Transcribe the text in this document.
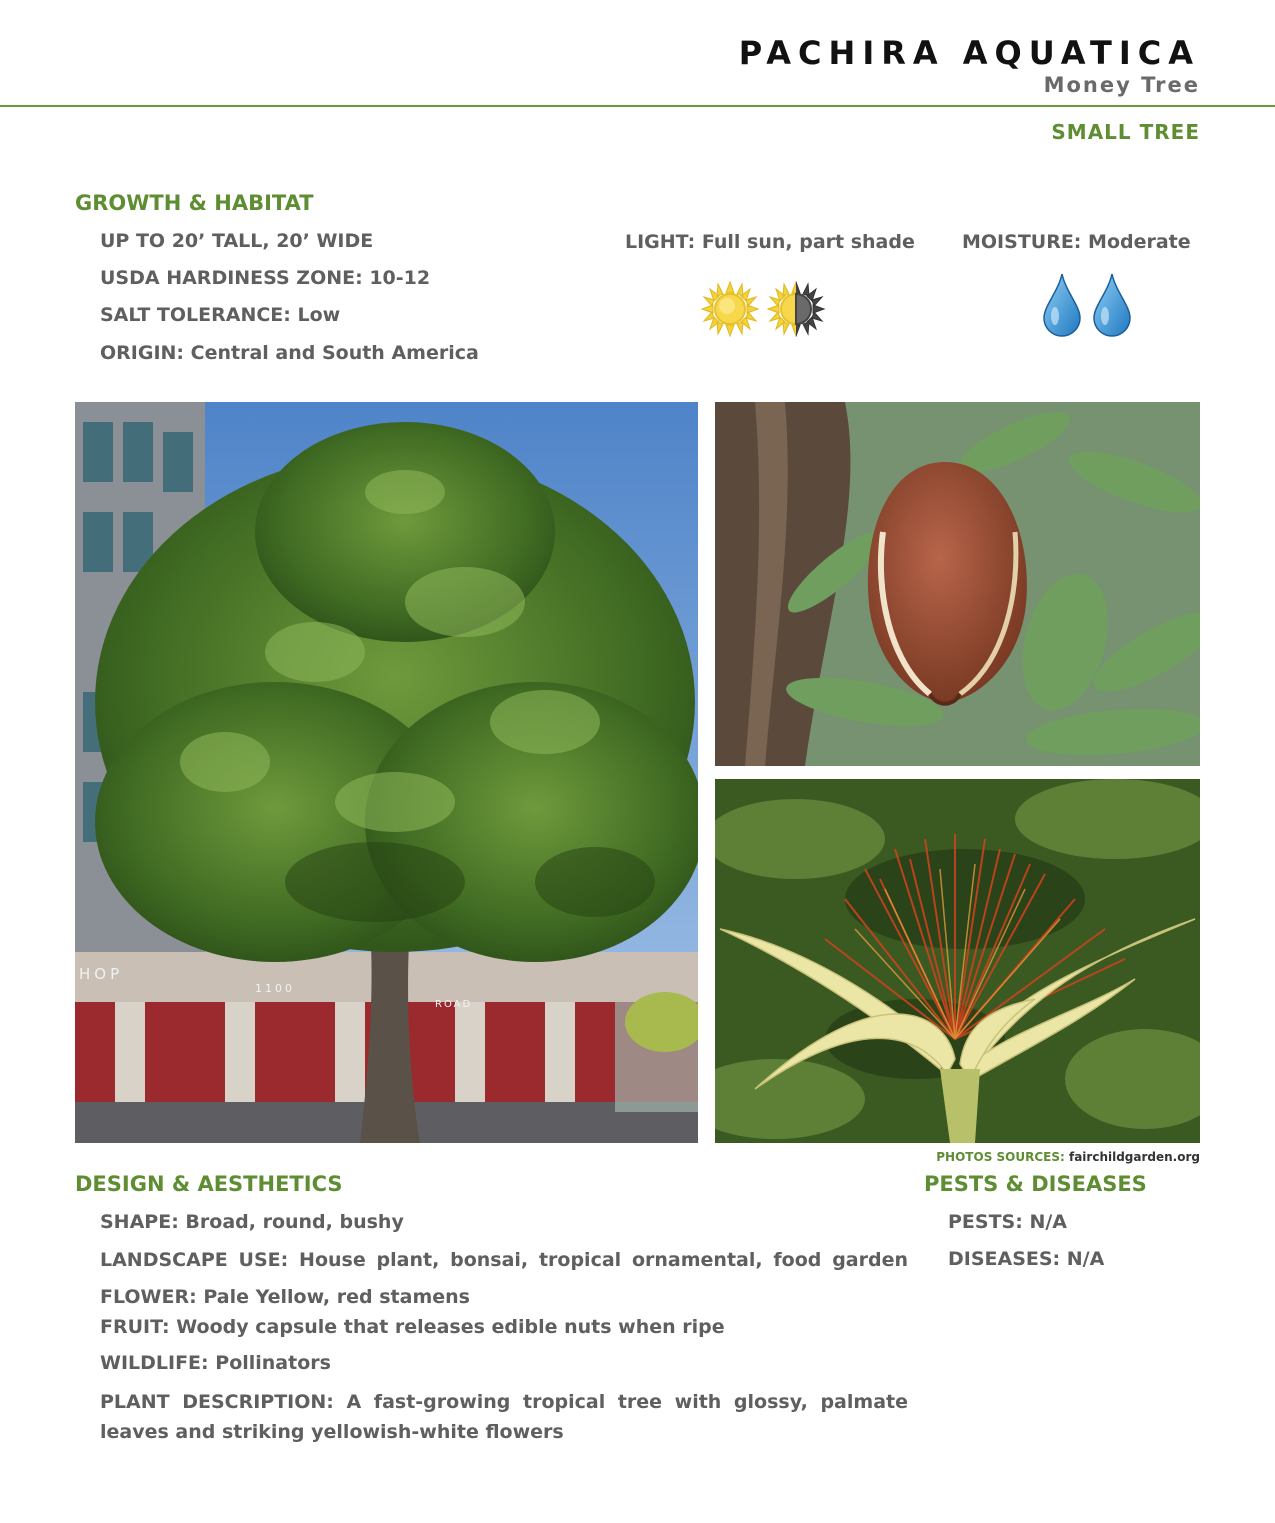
PACHIRA AQUATICA
Money Tree
SMALL TREE
GROWTH & HABITAT
UP TO 20’ TALL, 20’ WIDE
USDA HARDINESS ZONE: 10-12
SALT TOLERANCE: Low
ORIGIN: Central and South America
LIGHT: Full sun, part shade MOISTURE: Moderate
HOP
1100
ROAD
PHOTOS SOURCES: fairchildgarden.org
DESIGN & AESTHETICS
SHAPE: Broad, round, bushy
LANDSCAPE USE: House plant, bonsai, tropical ornamental, food garden
FLOWER: Pale Yellow, red stamens
FRUIT: Woody capsule that releases edible nuts when ripe
WILDLIFE: Pollinators
PLANT DESCRIPTION: A fast-growing tropical tree with glossy, palmate
leaves and striking yellowish-white flowers
PESTS & DISEASES
PESTS: N/A
DISEASES: N/A
